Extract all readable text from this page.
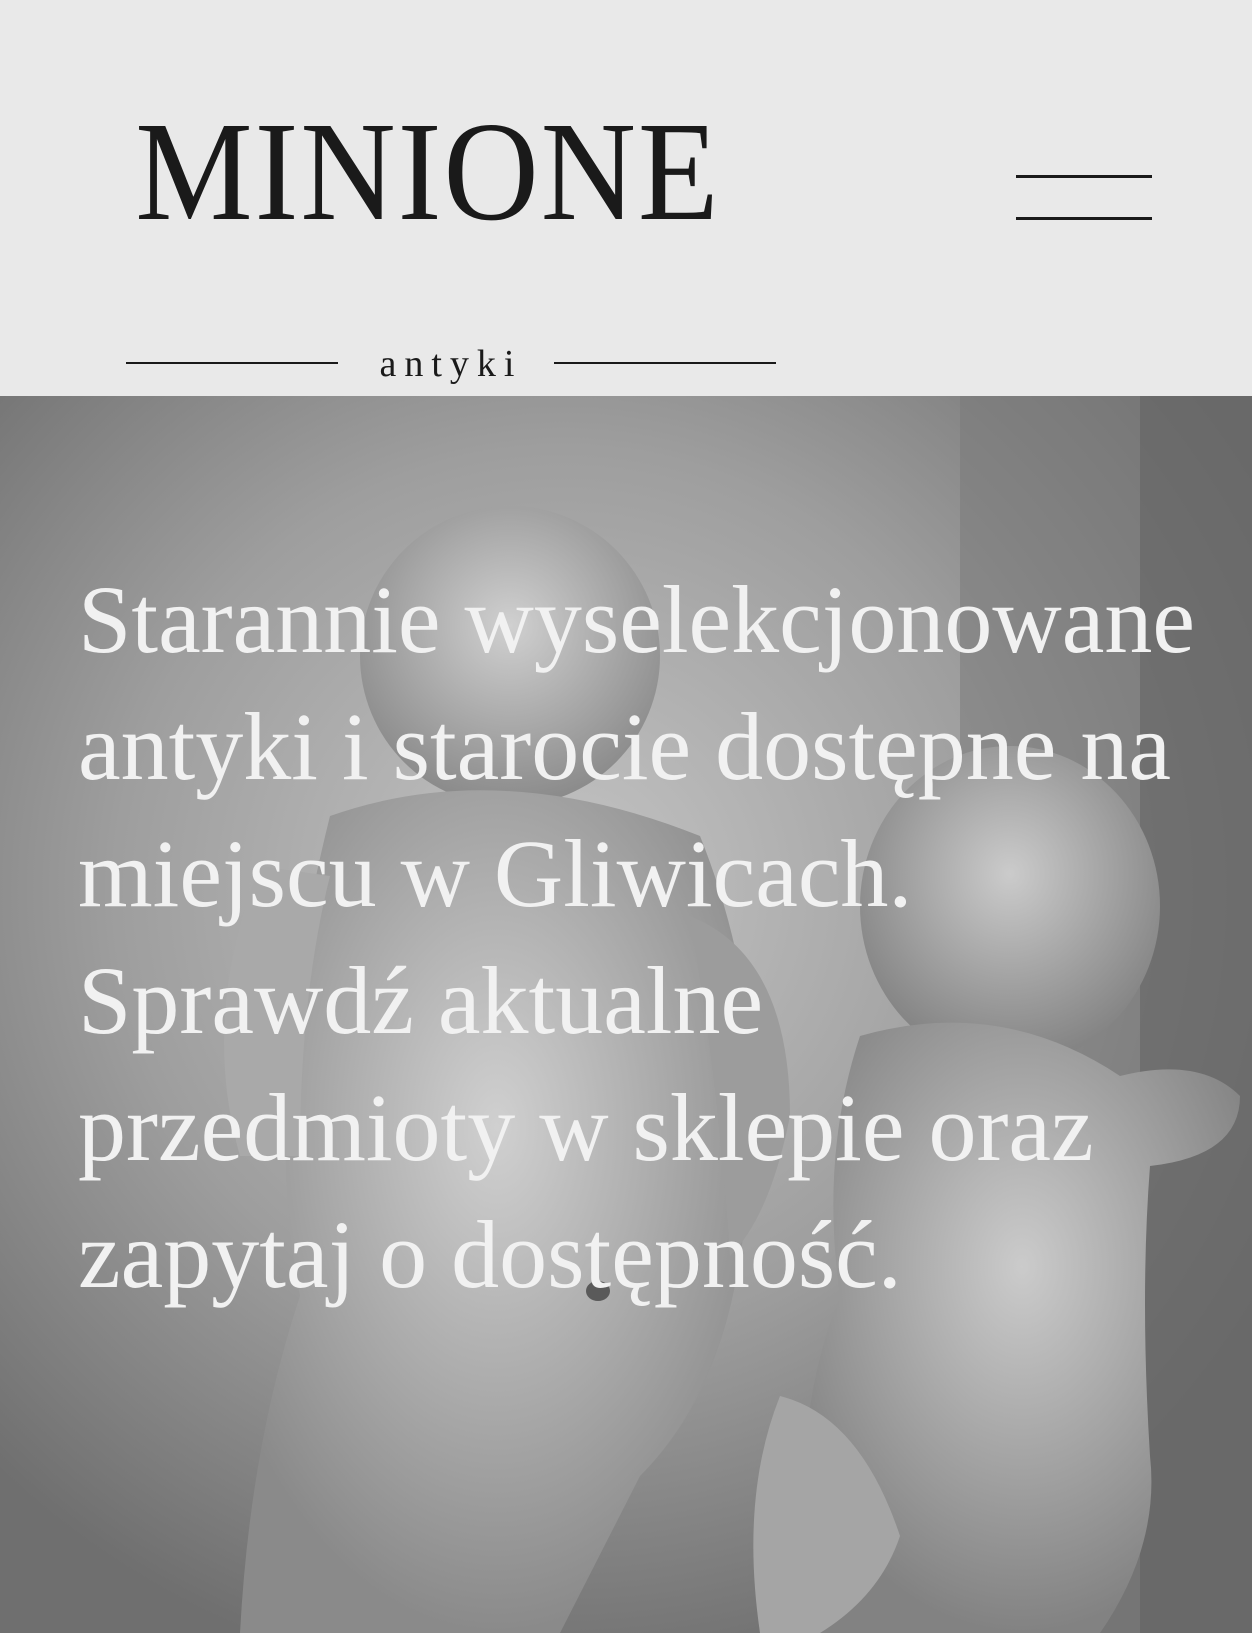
MINIONE
antyki

Starannie wyselekcjonowane antyki i starocie dostępne na miejscu w Gliwicach. Sprawdź aktualne przedmioty w sklepie oraz zapytaj o dostępność.
